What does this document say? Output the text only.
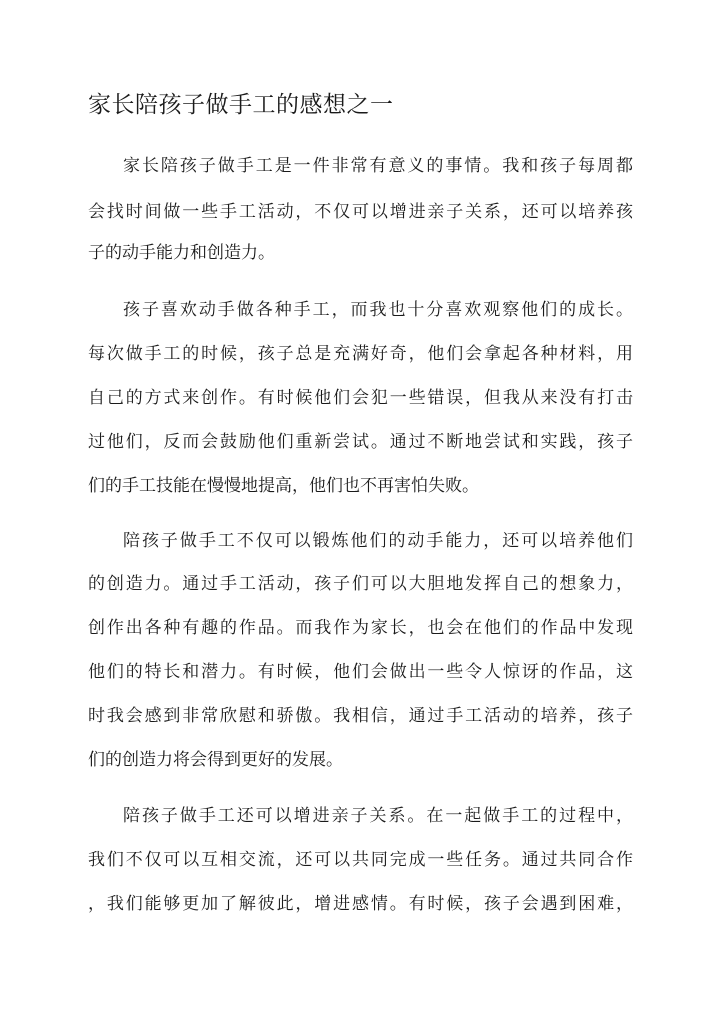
家长陪孩子做手工的感想之一

家长陪孩子做手工是一件非常有意义的事情。我和孩子每周都

会找时间做一些手工活动，不仅可以增进亲子关系，还可以培养孩

子的动手能力和创造力。

孩子喜欢动手做各种手工，而我也十分喜欢观察他们的成长。

每次做手工的时候，孩子总是充满好奇，他们会拿起各种材料，用

自己的方式来创作。有时候他们会犯一些错误，但我从来没有打击

过他们，反而会鼓励他们重新尝试。通过不断地尝试和实践，孩子

们的手工技能在慢慢地提高，他们也不再害怕失败。

陪孩子做手工不仅可以锻炼他们的动手能力，还可以培养他们

的创造力。通过手工活动，孩子们可以大胆地发挥自己的想象力，

创作出各种有趣的作品。而我作为家长，也会在他们的作品中发现

他们的特长和潜力。有时候，他们会做出一些令人惊讶的作品，这

时我会感到非常欣慰和骄傲。我相信，通过手工活动的培养，孩子

们的创造力将会得到更好的发展。

陪孩子做手工还可以增进亲子关系。在一起做手工的过程中，

我们不仅可以互相交流，还可以共同完成一些任务。通过共同合作

，我们能够更加了解彼此，增进感情。有时候，孩子会遇到困难，
